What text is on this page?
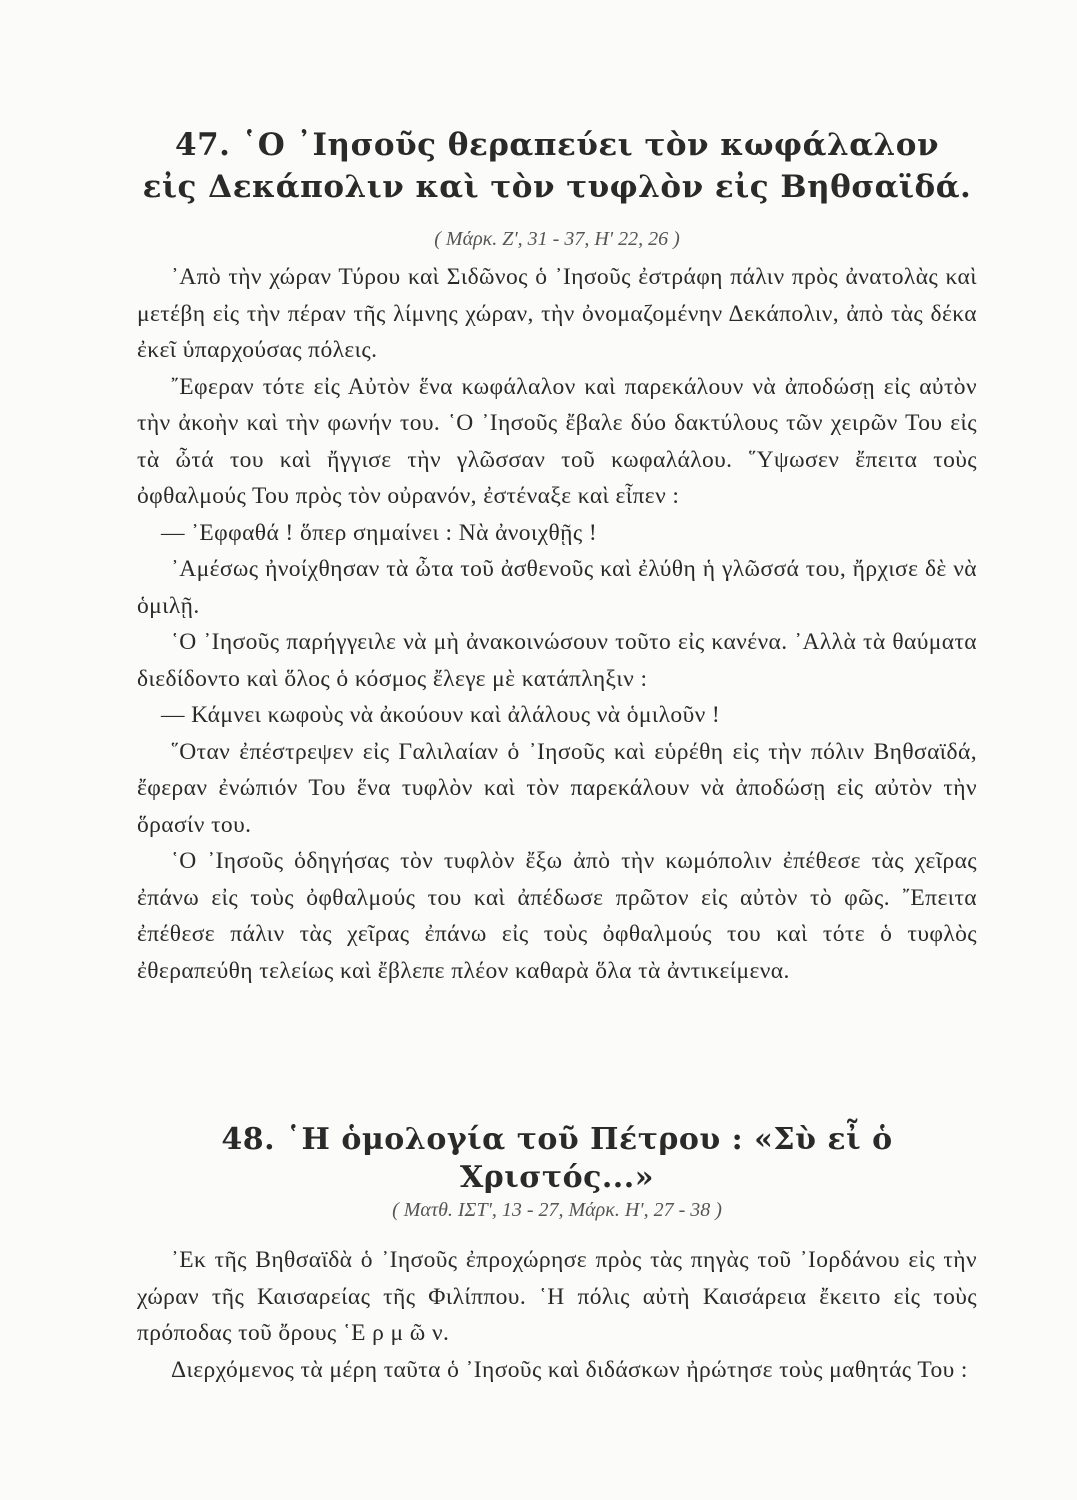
47. ῾Ο ᾿Ιησοῦς θεραπεύει τὸν κωφάλαλον
εἰς Δεκάπολιν καὶ τὸν τυφλὸν εἰς Βηθσαϊδά.
( Μάρκ. Ζ', 31 - 37, Η' 22, 26 )

᾿Απὸ τὴν χώραν Τύρου καὶ Σιδῶνος ὁ ᾿Ιησοῦς ἐστράφη πάλιν πρὸς ἀνατολὰς καὶ μετέβη εἰς τὴν πέραν τῆς λίμνης χώραν, τὴν ὀνομαζομένην Δεκάπολιν, ἀπὸ τὰς δέκα ἐκεῖ ὑπαρχούσας πόλεις.

῎Εφεραν τότε εἰς Αὐτὸν ἕνα κωφάλαλον καὶ παρεκάλουν νὰ ἀποδώσῃ εἰς αὐτὸν τὴν ἀκοὴν καὶ τὴν φωνήν του. ῾Ο ᾿Ιησοῦς ἔβαλε δύο δακτύλους τῶν χειρῶν Του εἰς τὰ ὦτά του καὶ ἤγγισε τὴν γλῶσσαν τοῦ κωφαλάλου. ῞Υψωσεν ἔπειτα τοὺς ὀφθαλμούς Του πρὸς τὸν οὐρανόν, ἐστέναξε καὶ εἶπεν :

— ᾿Εφφαθά ! ὅπερ σημαίνει : Νὰ ἀνοιχθῇς !

᾿Αμέσως ἠνοίχθησαν τὰ ὦτα τοῦ ἀσθενοῦς καὶ ἐλύθη ἡ γλῶσσά του, ἤρχισε δὲ νὰ ὁμιλῇ.

῾Ο ᾿Ιησοῦς παρήγγειλε νὰ μὴ ἀνακοινώσουν τοῦτο εἰς κανένα. ᾿Αλλὰ τὰ θαύματα διεδίδοντο καὶ ὅλος ὁ κόσμος ἔλεγε μὲ κατάπληξιν :

— Κάμνει κωφοὺς νὰ ἀκούουν καὶ ἀλάλους νὰ ὁμιλοῦν !

῞Οταν ἐπέστρεψεν εἰς Γαλιλαίαν ὁ ᾿Ιησοῦς καὶ εὑρέθη εἰς τὴν πόλιν Βηθσαϊδά, ἔφεραν ἐνώπιόν Του ἕνα τυφλὸν καὶ τὸν παρεκάλουν νὰ ἀποδώσῃ εἰς αὐτὸν τὴν ὅρασίν του.

῾Ο ᾿Ιησοῦς ὁδηγήσας τὸν τυφλὸν ἔξω ἀπὸ τὴν κωμόπολιν ἐπέθεσε τὰς χεῖρας ἐπάνω εἰς τοὺς ὀφθαλμούς του καὶ ἀπέδωσε πρῶτον εἰς αὐτὸν τὸ φῶς. ῎Επειτα ἐπέθεσε πάλιν τὰς χεῖρας ἐπάνω εἰς τοὺς ὀφθαλμούς του καὶ τότε ὁ τυφλὸς ἐθεραπεύθη τελείως καὶ ἔβλεπε πλέον καθαρὰ ὅλα τὰ ἀντικείμενα.

48. ῾Η ὁμολογία τοῦ Πέτρου : «Σὺ εἶ ὁ Χριστός...»
( Ματθ. ΙΣΤ', 13 - 27, Μάρκ. Η', 27 - 38 )

᾿Εκ τῆς Βηθσαϊδὰ ὁ ᾿Ιησοῦς ἐπροχώρησε πρὸς τὰς πηγὰς τοῦ ᾿Ιορδάνου εἰς τὴν χώραν τῆς Καισαρείας τῆς Φιλίππου. ῾Η πόλις αὐτὴ Καισάρεια ἔκειτο εἰς τοὺς πρόποδας τοῦ ὄρους ῾Ε ρ μ ῶ ν.

Διερχόμενος τὰ μέρη ταῦτα ὁ ᾿Ιησοῦς καὶ διδάσκων ἠρώτησε τοὺς μαθητάς Του :
